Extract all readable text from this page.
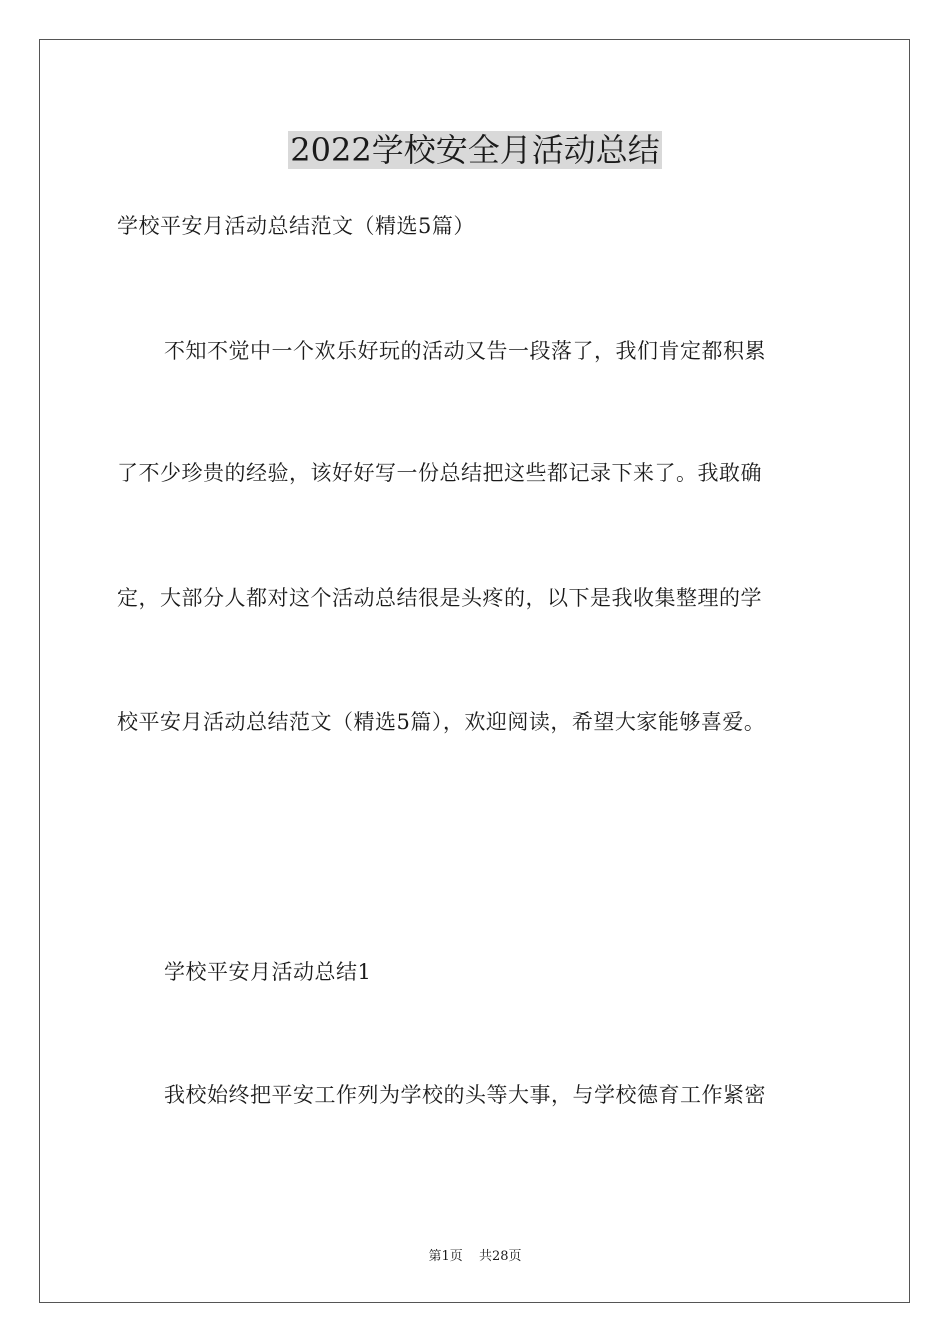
2022学校安全月活动总结

学校平安月活动总结范文（精选5篇）

不知不觉中一个欢乐好玩的活动又告一段落了，我们肯定都积累

了不少珍贵的经验，该好好写一份总结把这些都记录下来了。我敢确

定，大部分人都对这个活动总结很是头疼的，以下是我收集整理的学

校平安月活动总结范文（精选5篇），欢迎阅读，希望大家能够喜爱。

学校平安月活动总结1

我校始终把平安工作列为学校的头等大事，与学校德育工作紧密

第1页 共28页
